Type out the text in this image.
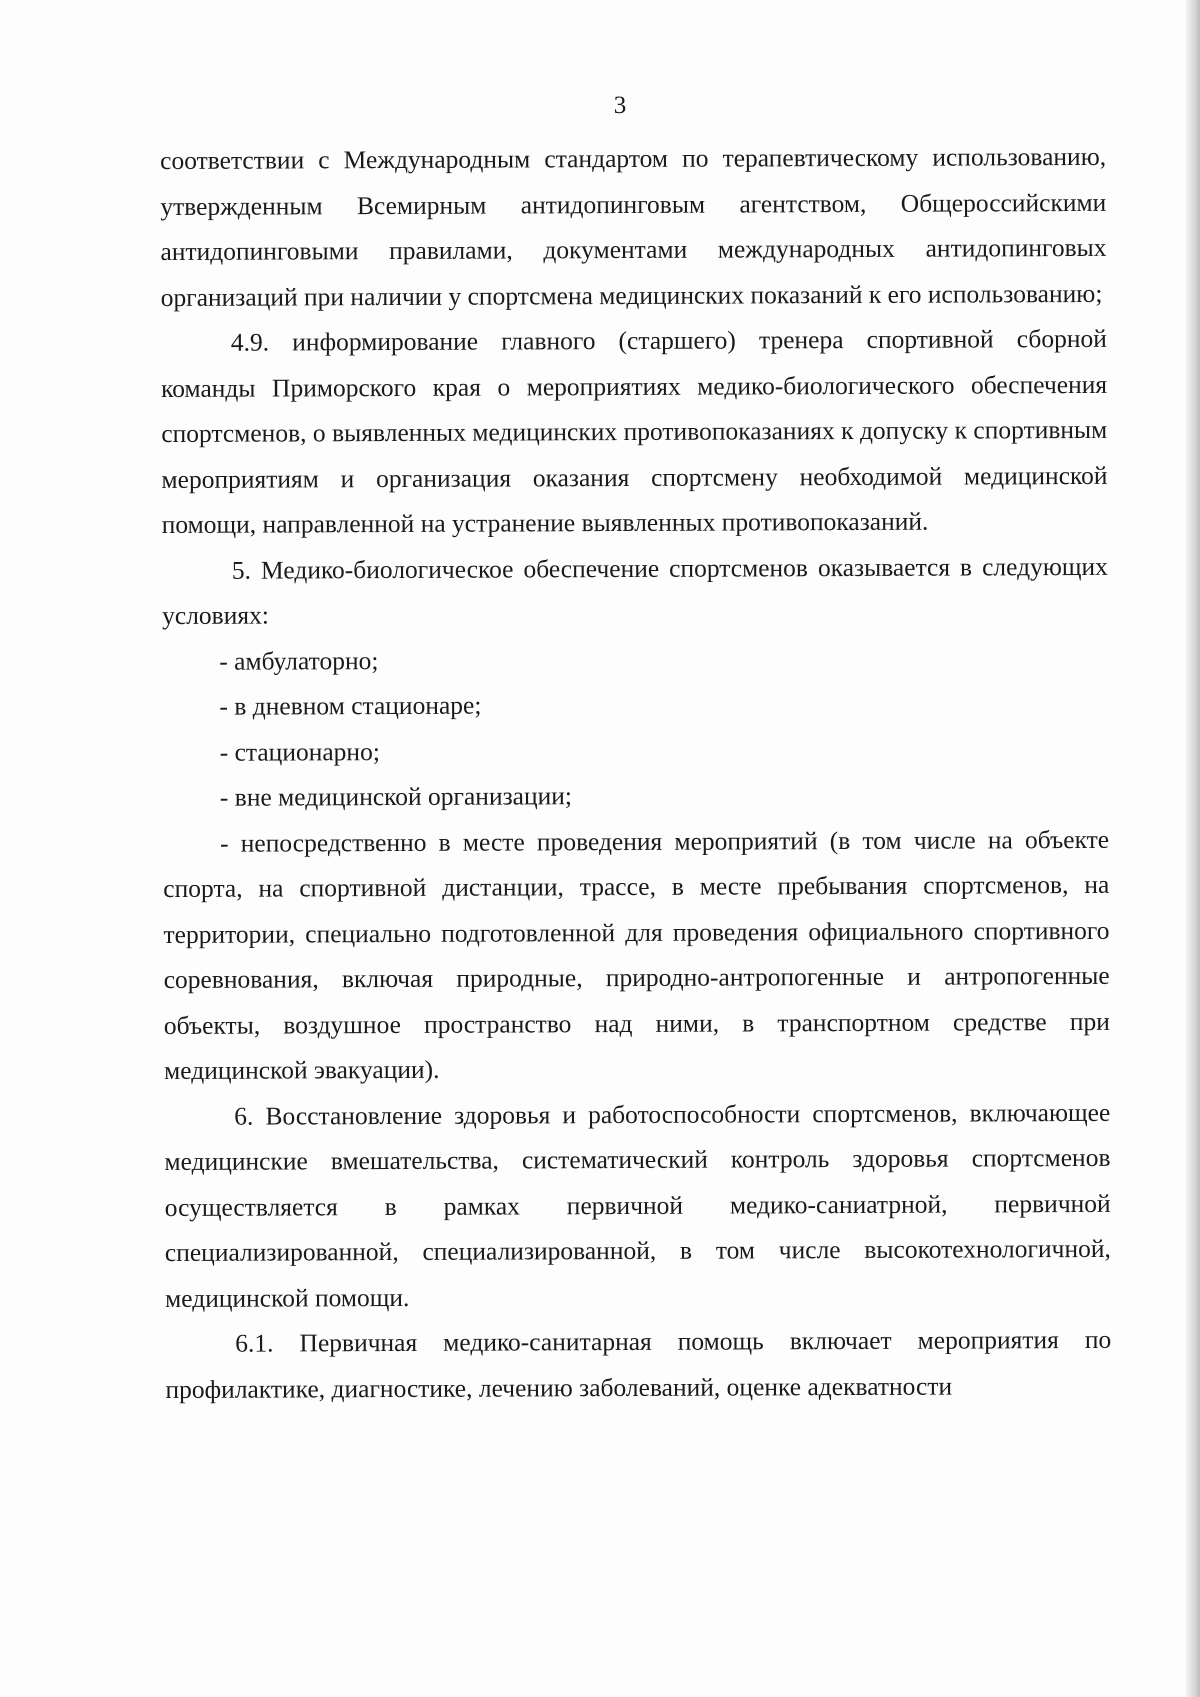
3

соответствии с Международным стандартом по терапевтическому использованию, утвержденным Всемирным антидопинговым агентством, Общероссийскими антидопинговыми правилами, документами международных антидопинговых организаций при наличии у спортсмена медицинских показаний к его использованию;

4.9. информирование главного (старшего) тренера спортивной сборной команды Приморского края о мероприятиях медико-биологического обеспечения спортсменов, о выявленных медицинских противопоказаниях к допуску к спортивным мероприятиям и организация оказания спортсмену необходимой медицинской помощи, направленной на устранение выявленных противопоказаний.

5. Медико-биологическое обеспечение спортсменов оказывается в следующих условиях:

- амбулаторно;

- в дневном стационаре;

- стационарно;

- вне медицинской организации;

- непосредственно в месте проведения мероприятий (в том числе на объекте спорта, на спортивной дистанции, трассе, в месте пребывания спортсменов, на территории, специально подготовленной для проведения официального спортивного соревнования, включая природные, природно-антропогенные и антропогенные объекты, воздушное пространство над ними, в транспортном средстве при медицинской эвакуации).

6. Восстановление здоровья и работоспособности спортсменов, включающее медицинские вмешательства, систематический контроль здоровья спортсменов осуществляется в рамках первичной медико-саниатрной, первичной специализированной, специализированной, в том числе высокотехнологичной, медицинской помощи.

6.1. Первичная медико-санитарная помощь включает мероприятия по профилактике, диагностике, лечению заболеваний, оценке адекватности
